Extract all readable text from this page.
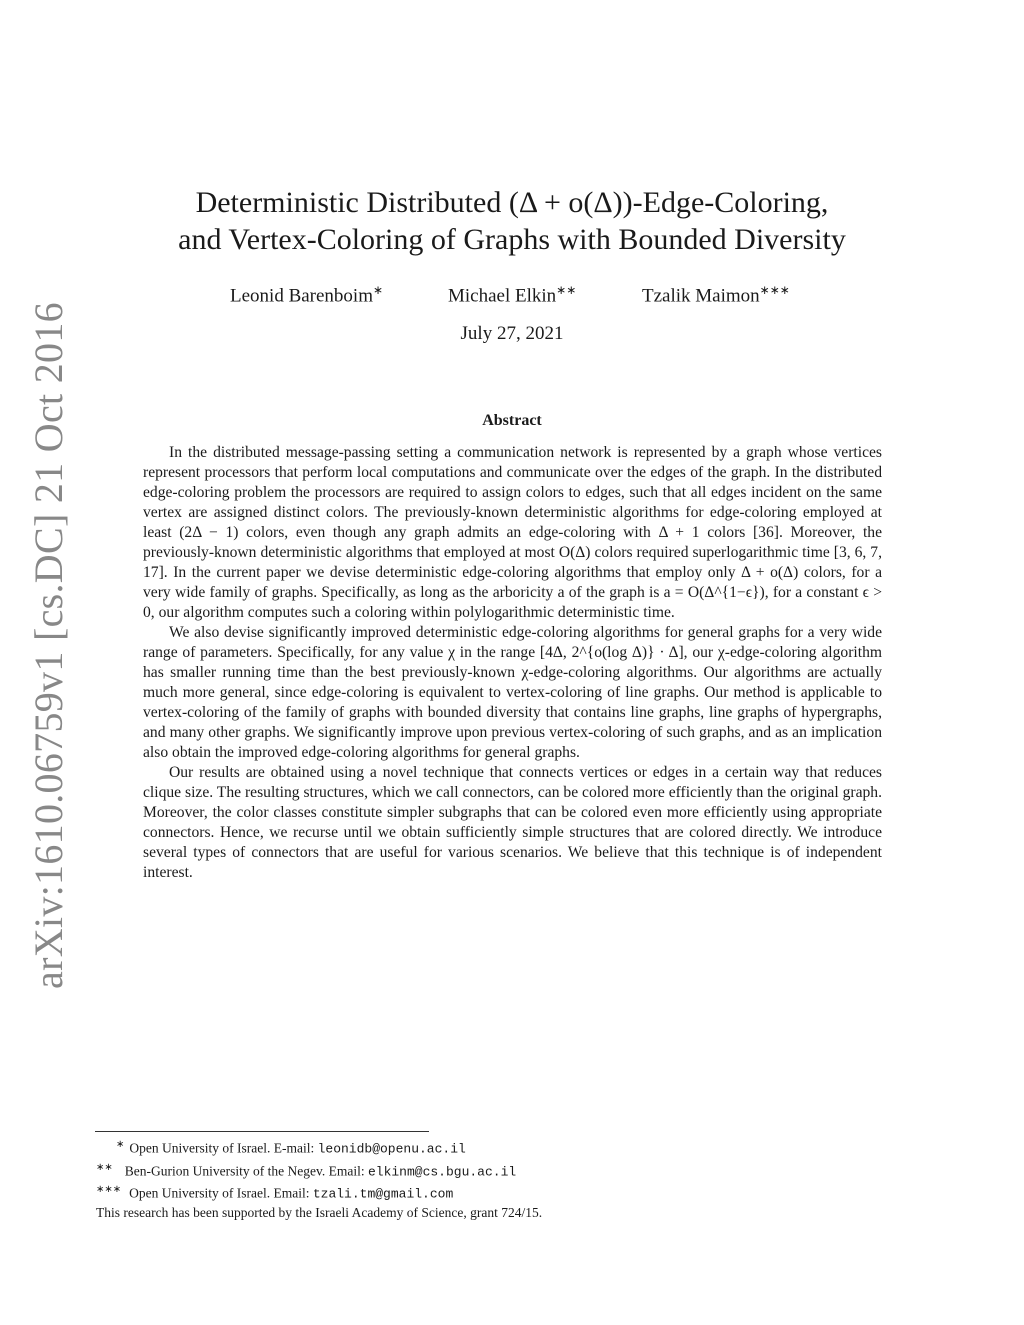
arXiv:1610.06759v1 [cs.DC] 21 Oct 2016
Deterministic Distributed (Δ + o(Δ))-Edge-Coloring,
and Vertex-Coloring of Graphs with Bounded Diversity
Leonid Barenboim∗	Michael Elkin∗∗	Tzalik Maimon∗∗∗
July 27, 2021
Abstract

In the distributed message-passing setting a communication network is represented by a graph whose vertices represent processors that perform local computations and communicate over the edges of the graph. In the distributed edge-coloring problem the processors are required to assign colors to edges, such that all edges incident on the same vertex are assigned distinct colors. The previously-known deterministic algorithms for edge-coloring employed at least (2Δ − 1) colors, even though any graph admits an edge-coloring with Δ + 1 colors [36]. Moreover, the previously-known deterministic algorithms that employed at most O(Δ) colors required superlogarithmic time [3, 6, 7, 17]. In the current paper we devise deterministic edge-coloring algorithms that employ only Δ + o(Δ) colors, for a very wide family of graphs. Specifically, as long as the arboricity a of the graph is a = O(Δ^{1−ϵ}), for a constant ϵ > 0, our algorithm computes such a coloring within polylogarithmic deterministic time.

We also devise significantly improved deterministic edge-coloring algorithms for general graphs for a very wide range of parameters. Specifically, for any value χ in the range [4Δ, 2^{o(log Δ)} · Δ], our χ-edge-coloring algorithm has smaller running time than the best previously-known χ-edge-coloring algorithms. Our algorithms are actually much more general, since edge-coloring is equivalent to vertex-coloring of line graphs. Our method is applicable to vertex-coloring of the family of graphs with bounded diversity that contains line graphs, line graphs of hypergraphs, and many other graphs. We significantly improve upon previous vertex-coloring of such graphs, and as an implication also obtain the improved edge-coloring algorithms for general graphs.

Our results are obtained using a novel technique that connects vertices or edges in a certain way that reduces clique size. The resulting structures, which we call connectors, can be colored more efficiently than the original graph. Moreover, the color classes constitute simpler subgraphs that can be colored even more efficiently using appropriate connectors. Hence, we recurse until we obtain sufficiently simple structures that are colored directly. We introduce several types of connectors that are useful for various scenarios. We believe that this technique is of independent interest.

∗ Open University of Israel. E-mail: leonidb@openu.ac.il
∗∗ Ben-Gurion University of the Negev. Email: elkinm@cs.bgu.ac.il
∗∗∗ Open University of Israel. Email: tzali.tm@gmail.com
This research has been supported by the Israeli Academy of Science, grant 724/15.
